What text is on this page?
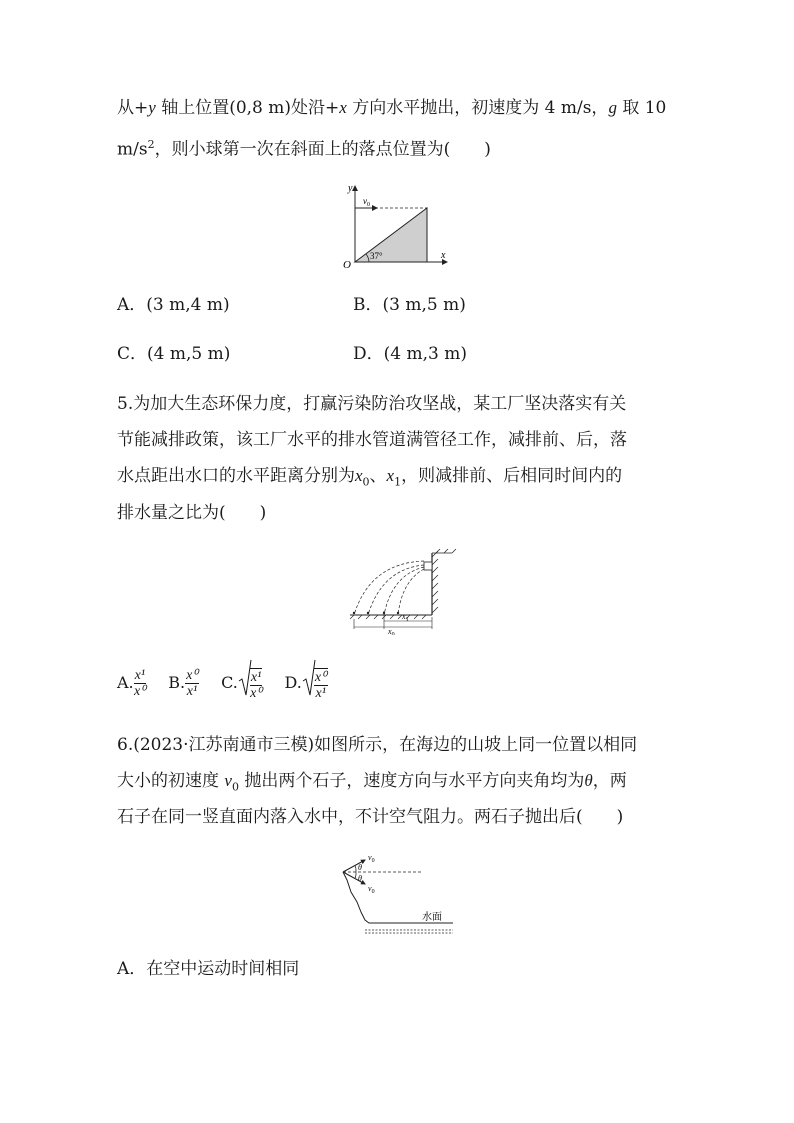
从+y 轴上位置(0,8 m)处沿+x 方向水平抛出，初速度为 4 m/s，g 取 10
$m/s^2$，则小球第一次在斜面上的落点位置为(　　)
y
x
O
$v_0$
37°
A．(3 m,4 m)	B．(3 m,5 m)
C．(4 m,5 m)	D．(4 m,3 m)
5.为加大生态环保力度，打赢污染防治攻坚战，某工厂坚决落实有关
节能减排政策，该工厂水平的排水管道满管径工作，减排前、后，落
水点距出水口的水平距离分别为$x_0$、$x_1$，则减排前、后相同时间内的
排水量之比为(　　)
$x_1$
$x_0$
A. $\frac{\text{x¹}}{\text{x⁰}} B$. $\frac{\text{x⁰}}{\text{x¹}} C$. $\frac{\text{x¹}}{\text{x⁰}} D$. $\frac{\text{x⁰}}{\text{x¹}}$
6.(2023·江苏南通市三模)如图所示，在海边的山坡上同一位置以相同
大小的初速度 $v_0$ 抛出两个石子，速度方向与水平方向夹角均为θ，两
石子在同一竖直面内落入水中，不计空气阻力。两石子抛出后(　　)
$v_0$
$v_0$
θ
θ
水面
A．在空中运动时间相同
